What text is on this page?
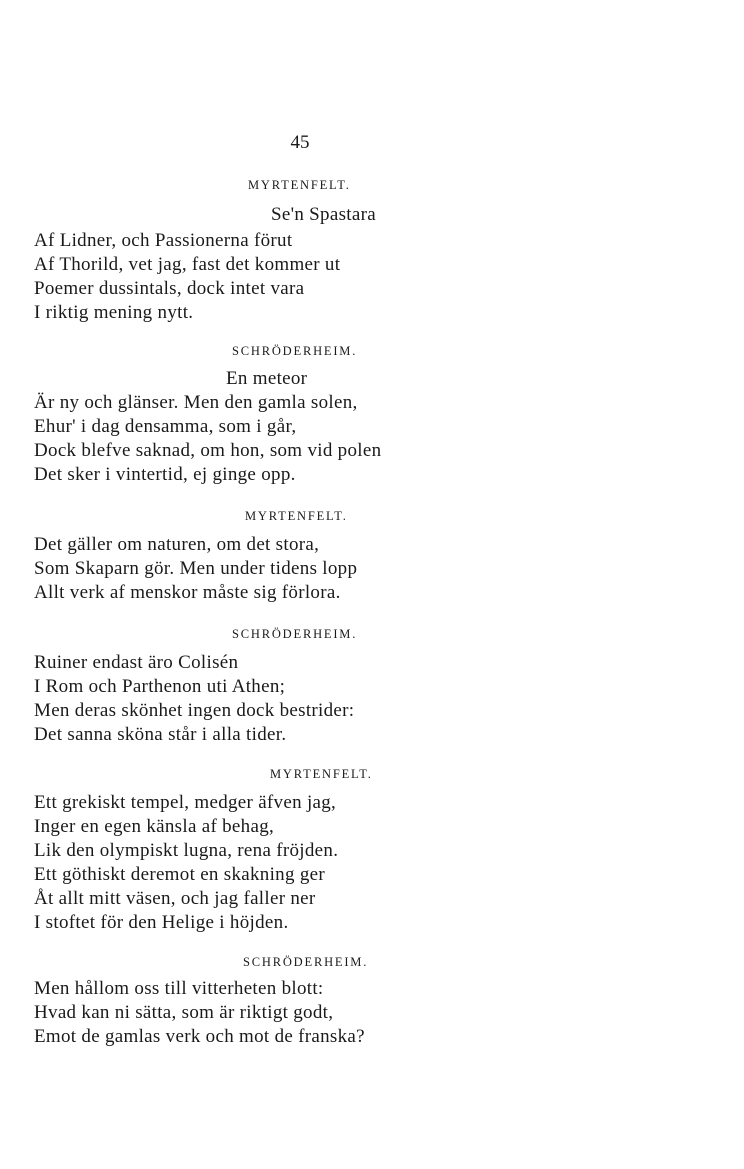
45
MYRTENFELT.
Se'n Spastara
Af Lidner, och Passionerna förut
Af Thorild, vet jag, fast det kommer ut
Poemer dussintals, dock intet vara
I riktig mening nytt.
SCHRÖDERHEIM.
En meteor
Är ny och glänser. Men den gamla solen,
Ehur' i dag densamma, som i går,
Dock blefve saknad, om hon, som vid polen
Det sker i vintertid, ej ginge opp.
MYRTENFELT.
Det gäller om naturen, om det stora,
Som Skaparn gör. Men under tidens lopp
Allt verk af menskor måste sig förlora.
SCHRÖDERHEIM.
Ruiner endast äro Colisén
I Rom och Parthenon uti Athen;
Men deras skönhet ingen dock bestrider:
Det sanna sköna står i alla tider.
MYRTENFELT.
Ett grekiskt tempel, medger äfven jag,
Inger en egen känsla af behag,
Lik den olympiskt lugna, rena fröjden.
Ett göthiskt deremot en skakning ger
Åt allt mitt väsen, och jag faller ner
I stoftet för den Helige i höjden.
SCHRÖDERHEIM.
Men hållom oss till vitterheten blott:
Hvad kan ni sätta, som är riktigt godt,
Emot de gamlas verk och mot de franska?
